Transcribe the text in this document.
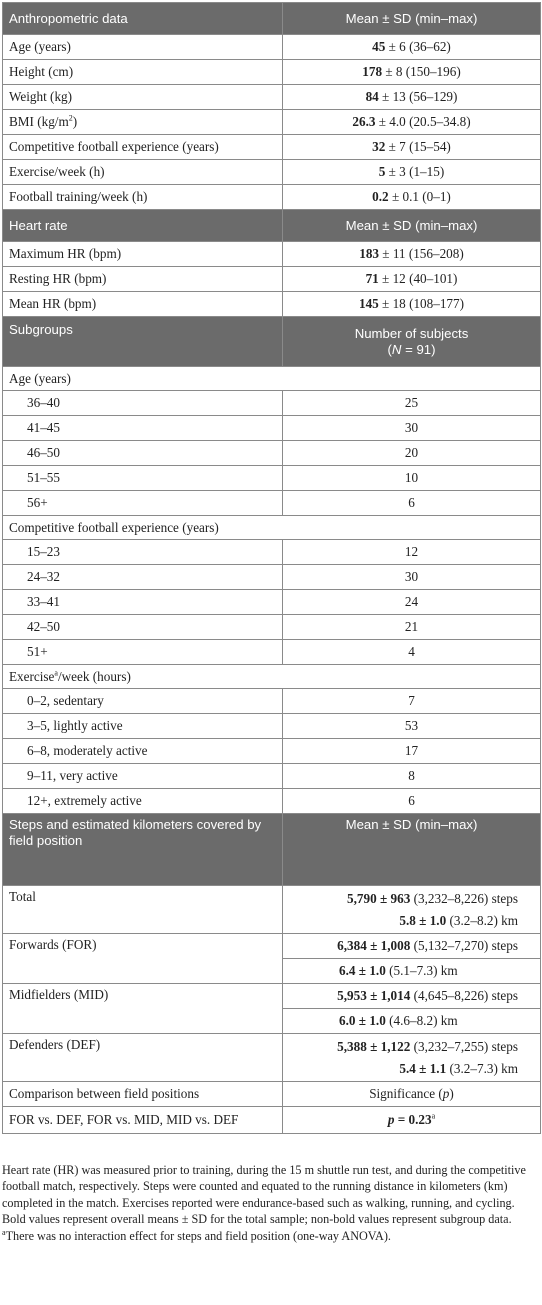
Anthropometric data	Mean ± SD (min–max)
Age (years)	45 ± 6 (36–62)
Height (cm)	178 ± 8 (150–196)
Weight (kg)	84 ± 13 (56–129)
BMI $(kg/m^2)$	26.3 ± 4.0 (20.5–34.8)
Competitive football experience (years)	32 ± 7 (15–54)
Exercise/week (h)	5 ± 3 (1–15)
Football training/week (h)	0.2 ± 0.1 (0–1)
Heart rate	Mean ± SD (min–max)
Maximum HR (bpm)	183 ± 11 (156–208)
Resting HR (bpm)	71 ± 12 (40–101)
Mean HR (bpm)	145 ± 18 (108–177)
Subgroups	Number of subjects
(N = 91)
Age (years)	
36–40	25
41–45	30
46–50	20
51–55	10
56+	6
Competitive football experience (years)	
15–23	12
24–32	30
33–41	24
42–50	21
51+	4
Exercise$^a$/week (hours)	
0–2, sedentary	7
3–5, lightly active	53
6–8, moderately active	17
9–11, very active	8
12+, extremely active	6
Steps and estimated kilometers covered by field position	Mean ± SD (min–max)
Total	5,790 ± 963 (3,232–8,226) steps
5.8 ± 1.0 (3.2–8.2) km
Forwards (FOR)	6,384 ± 1,008 (5,132–7,270) steps
	6.4 ± 1.0 (5.1–7.3) km
Midfielders (MID)	5,953 ± 1,014 (4,645–8,226) steps
	6.0 ± 1.0 (4.6–8.2) km
Defenders (DEF)	5,388 ± 1,122 (3,232–7,255) steps
5.4 ± 1.1 (3.2–7.3) km
Comparison between field positions	Significance (p)
FOR vs. DEF, FOR vs. MID, MID vs. DEF	p = 0.23$^a$

Heart rate (HR) was measured prior to training, during the 15 m shuttle run test, and during the competitive football match, respectively. Steps were counted and equated to the running distance in kilometers (km) completed in the match. Exercises reported were endurance-based such as walking, running, and cycling.

Bold values represent overall means ± SD for the total sample; non-bold values represent subgroup data.

$^a$There was no interaction effect for steps and field position (one-way ANOVA).
